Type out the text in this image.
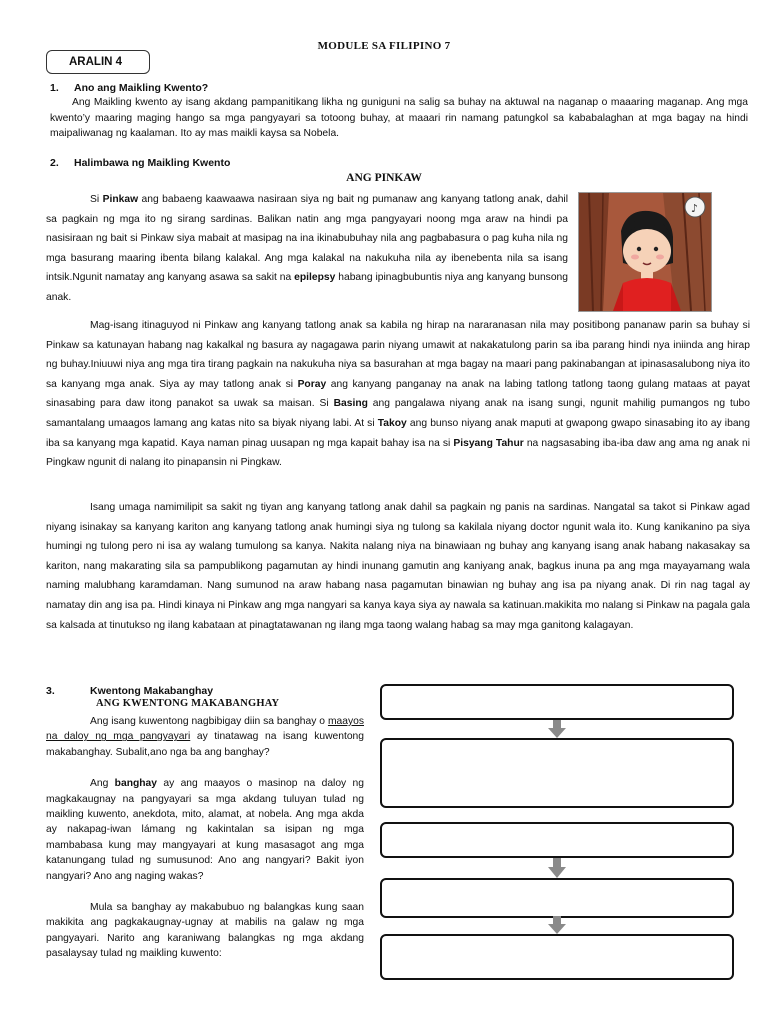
MODULE SA FILIPINO 7
ARALIN 4
1. Ano ang Maikling Kwento?
Ang Maikling kwento ay isang akdang pampanitikang likha ng guniguni na salig sa buhay na aktuwal na naganap o maaaring maganap. Ang mga kwento’y maaring maging hango sa mga pangyayari sa totoong buhay, at maaari rin namang patungkol sa kababalaghan at mga bagay na hindi maipaliwanag ng kaalaman. Ito ay mas maikli kaysa sa Nobela.
2. Halimbawa ng Maikling Kwento
ANG PINKAW
Si Pinkaw ang babaeng kaawaawa nasiraan siya ng bait ng pumanaw ang kanyang tatlong anak, dahil sa pagkain ng mga ito ng sirang sardinas. Balikan natin ang mga pangyayari noong mga araw na hindi pa nasisiraan ng bait si Pinkaw siya mabait at masipag na ina ikinabubuhay nila ang pagbabasura o pag kuha nila ng mga basurang maaring ibenta bilang kalakal. Ang mga kalakal na nakukuha nila ay ibenebenta nila sa isang intsik.Ngunit namatay ang kanyang asawa sa sakit na epilepsy habang ipinagbubuntis niya ang kanyang bunsong anak.
♪
Mag-isang itinaguyod ni Pinkaw ang kanyang tatlong anak sa kabila ng hirap na nararanasan nila may positibong pananaw parin sa buhay si Pinkaw sa katunayan habang nag kakalkal ng basura ay nagagawa parin niyang umawit at nakakatulong parin sa iba parang hindi nya iniinda ang hirap ng buhay.Iniuuwi niya ang mga tira tirang pagkain na nakukuha niya sa basurahan at mga bagay na maari pang pakinabangan at ipinasasalubong niya ito sa kanyang mga anak. Siya ay may tatlong anak si Poray ang kanyang panganay na anak na labing tatlong tatlong taong gulang mataas at payat sinasabing para daw itong panakot sa uwak sa maisan. Si Basing ang pangalawa niyang anak na isang sungi, ngunit mahilig pumangos ng tubo samantalang umaagos lamang ang katas nito sa biyak niyang labi. At si Takoy ang bunso niyang anak maputi at gwapong gwapo sinasabing ito ay ibang iba sa kanyang mga kapatid. Kaya naman pinag uusapan ng mga kapait bahay isa na si Pisyang Tahur na nagsasabing iba-iba daw ang ama ng anak ni Pingkaw ngunit di nalang ito pinapansin ni Pingkaw.
Isang umaga namimilipit sa sakit ng tiyan ang kanyang tatlong anak dahil sa pagkain ng panis na sardinas. Nangatal sa takot si Pinkaw agad niyang isinakay sa kanyang kariton ang kanyang tatlong anak humingi siya ng tulong sa kakilala niyang doctor ngunit wala ito. Kung kanikanino pa siya humingi ng tulong pero ni isa ay walang tumulong sa kanya. Nakita nalang niya na binawiaan ng buhay ang kanyang isang anak habang nakasakay sa kariton, nang makarating sila sa pampublikong pagamutan ay hindi inunang gamutin ang kaniyang anak, bagkus inuna pa ang mga mayayamang wala naming malubhang karamdaman. Nang sumunod na araw habang nasa pagamutan binawian ng buhay ang isa pa niyang anak. Di rin nag tagal ay namatay din ang isa pa. Hindi kinaya ni Pinkaw ang mga nangyari sa kanya kaya siya ay nawala sa katinuan.makikita mo nalang si Pinkaw na pagala gala sa kalsada at tinutukso ng ilang kabataan at pinagtatawanan ng ilang mga taong walang habag sa may mga ganitong kalagayan.
3.	Kwentong Makabanghay
ANG KWENTONG MAKABANGHAY

Ang isang kuwentong nagbibigay diin sa banghay o maayos na daloy ng mga pangyayari ay tinatawag na isang kuwentong makabanghay. Subalit,ano nga ba ang banghay?

Ang banghay ay ang maayos o masinop na daloy ng magkakaugnay na pangyayari sa mga akdang tuluyan tulad ng maikling kuwento, anekdota, mito, alamat, at nobela. Ang mga akda ay nakapag-iwan lámang ng kakintalan sa isipan ng mga mambabasa kung may mangyayari at kung masasagot ang mga katanungang tulad ng sumusunod: Ano ang nangyari? Bakit iyon nangyari? Ano ang naging wakas?

Mula sa banghay ay makabubuo ng balangkas kung saan makikita ang pagkakaugnay-ugnay at mabilis na galaw ng mga pangyayari. Narito ang karaniwang balangkas ng mga akdang pasalaysay tulad ng maikling kuwento:
